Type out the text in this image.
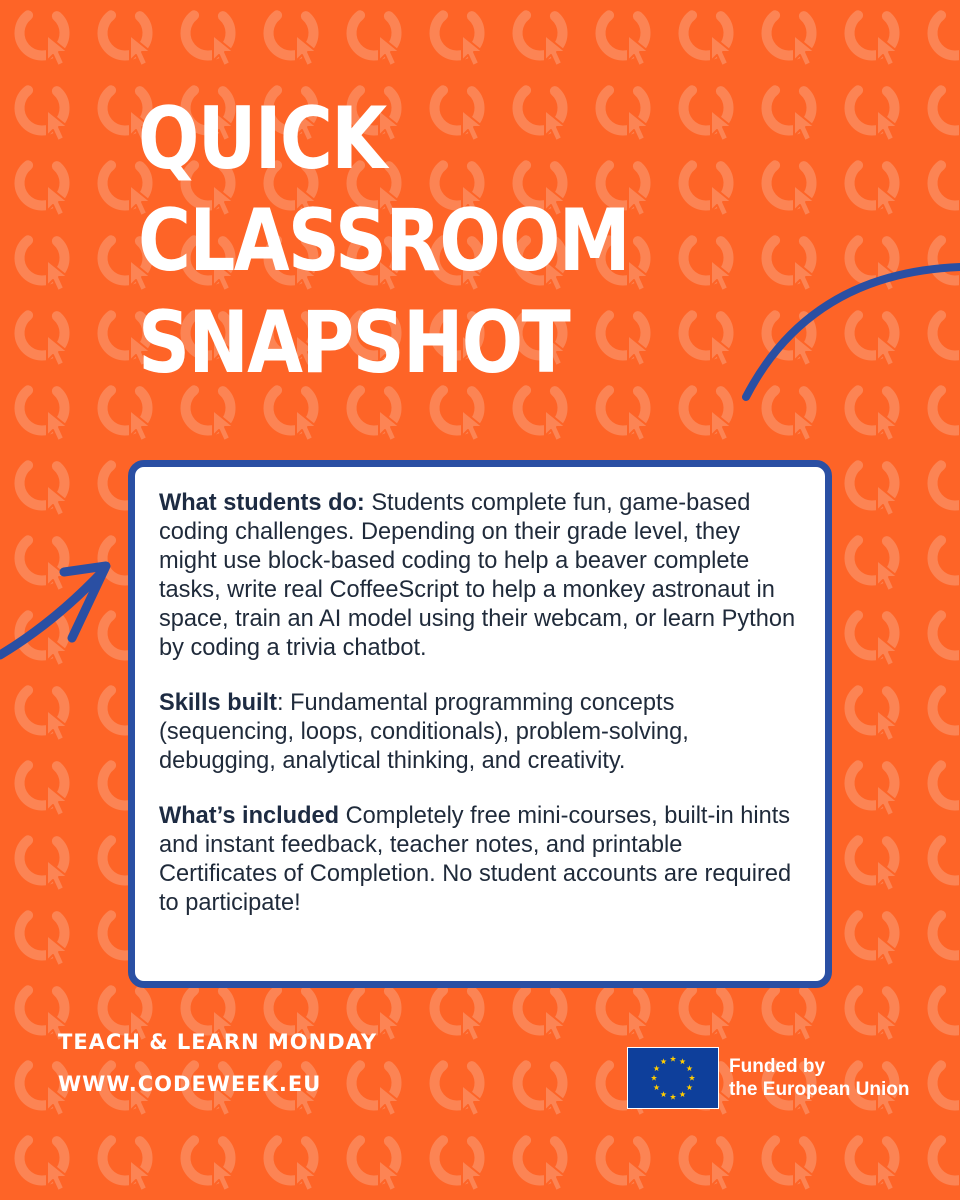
QUICK
CLASSROOM
SNAPSHOT

What students do: Students complete fun, game-based coding challenges. Depending on their grade level, they might use block-based coding to help a beaver complete tasks, write real CoffeeScript to help a monkey astronaut in space, train an AI model using their webcam, or learn Python by coding a trivia chatbot.

Skills built: Fundamental programming concepts (sequencing, loops, conditionals), problem-solving, debugging, analytical thinking, and creativity.

What’s included Completely free mini-courses, built-in hints and instant feedback, teacher notes, and printable Certificates of Completion. No student accounts are required to participate!

TEACH & LEARN MONDAY
WWW.CODEWEEK.EU
Funded by
the European Union
